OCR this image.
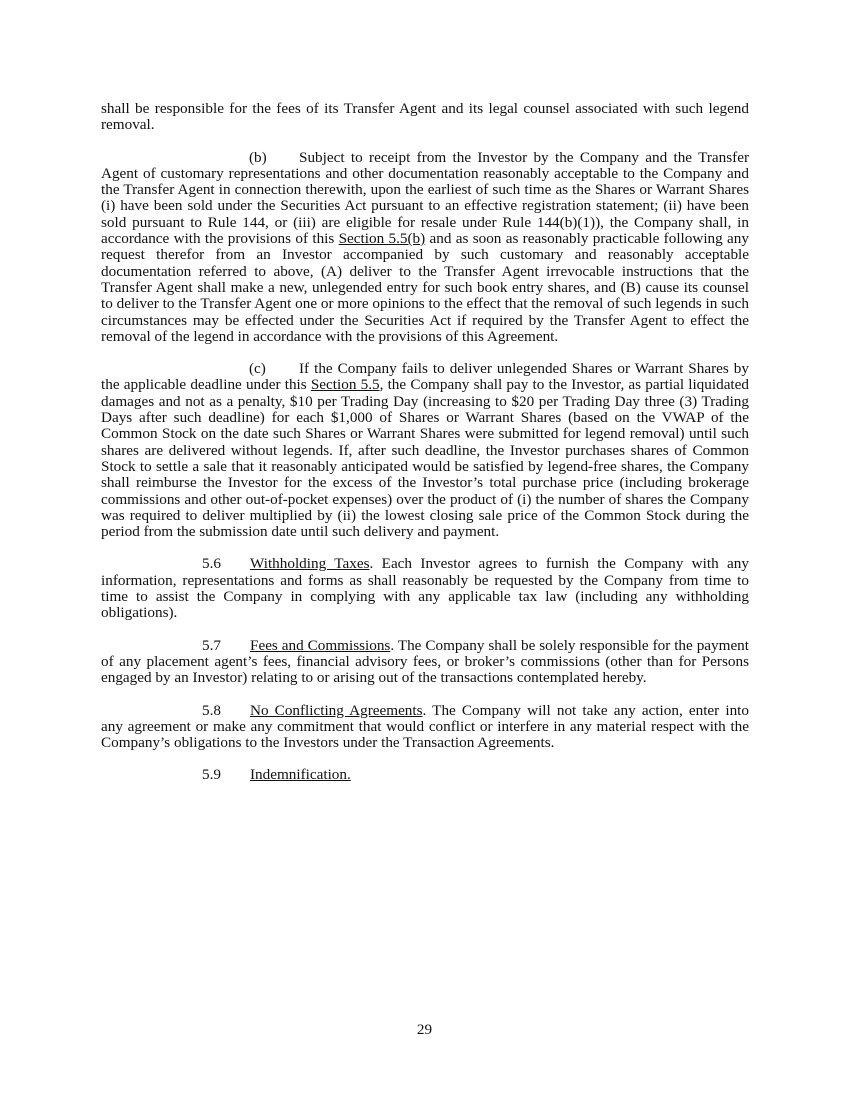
shall be responsible for the fees of its Transfer Agent and its legal counsel associated with such legend removal.

(b) Subject to receipt from the Investor by the Company and the Transfer Agent of customary representations and other documentation reasonably acceptable to the Company and the Transfer Agent in connection therewith, upon the earliest of such time as the Shares or Warrant Shares (i) have been sold under the Securities Act pursuant to an effective registration statement; (ii) have been sold pursuant to Rule 144, or (iii) are eligible for resale under Rule 144(b)(1)), the Company shall, in accordance with the provisions of this Section 5.5(b) and as soon as reasonably practicable following any request therefor from an Investor accompanied by such customary and reasonably acceptable documentation referred to above, (A) deliver to the Transfer Agent irrevocable instructions that the Transfer Agent shall make a new, unlegended entry for such book entry shares, and (B) cause its counsel to deliver to the Transfer Agent one or more opinions to the effect that the removal of such legends in such circumstances may be effected under the Securities Act if required by the Transfer Agent to effect the removal of the legend in accordance with the provisions of this Agreement.

(c) If the Company fails to deliver unlegended Shares or Warrant Shares by the applicable deadline under this Section 5.5, the Company shall pay to the Investor, as partial liquidated damages and not as a penalty, $10 per Trading Day (increasing to $20 per Trading Day three (3) Trading Days after such deadline) for each $1,000 of Shares or Warrant Shares (based on the VWAP of the Common Stock on the date such Shares or Warrant Shares were submitted for legend removal) until such shares are delivered without legends. If, after such deadline, the Investor purchases shares of Common Stock to settle a sale that it reasonably anticipated would be satisfied by legend-free shares, the Company shall reimburse the Investor for the excess of the Investor’s total purchase price (including brokerage commissions and other out-of-pocket expenses) over the product of (i) the number of shares the Company was required to deliver multiplied by (ii) the lowest closing sale price of the Common Stock during the period from the submission date until such delivery and payment.

5.6 Withholding Taxes. Each Investor agrees to furnish the Company with any information, representations and forms as shall reasonably be requested by the Company from time to time to assist the Company in complying with any applicable tax law (including any withholding obligations).

5.7 Fees and Commissions. The Company shall be solely responsible for the payment of any placement agent’s fees, financial advisory fees, or broker’s commissions (other than for Persons engaged by an Investor) relating to or arising out of the transactions contemplated hereby.

5.8 No Conflicting Agreements. The Company will not take any action, enter into any agreement or make any commitment that would conflict or interfere in any material respect with the Company’s obligations to the Investors under the Transaction Agreements.

5.9 Indemnification.

29
